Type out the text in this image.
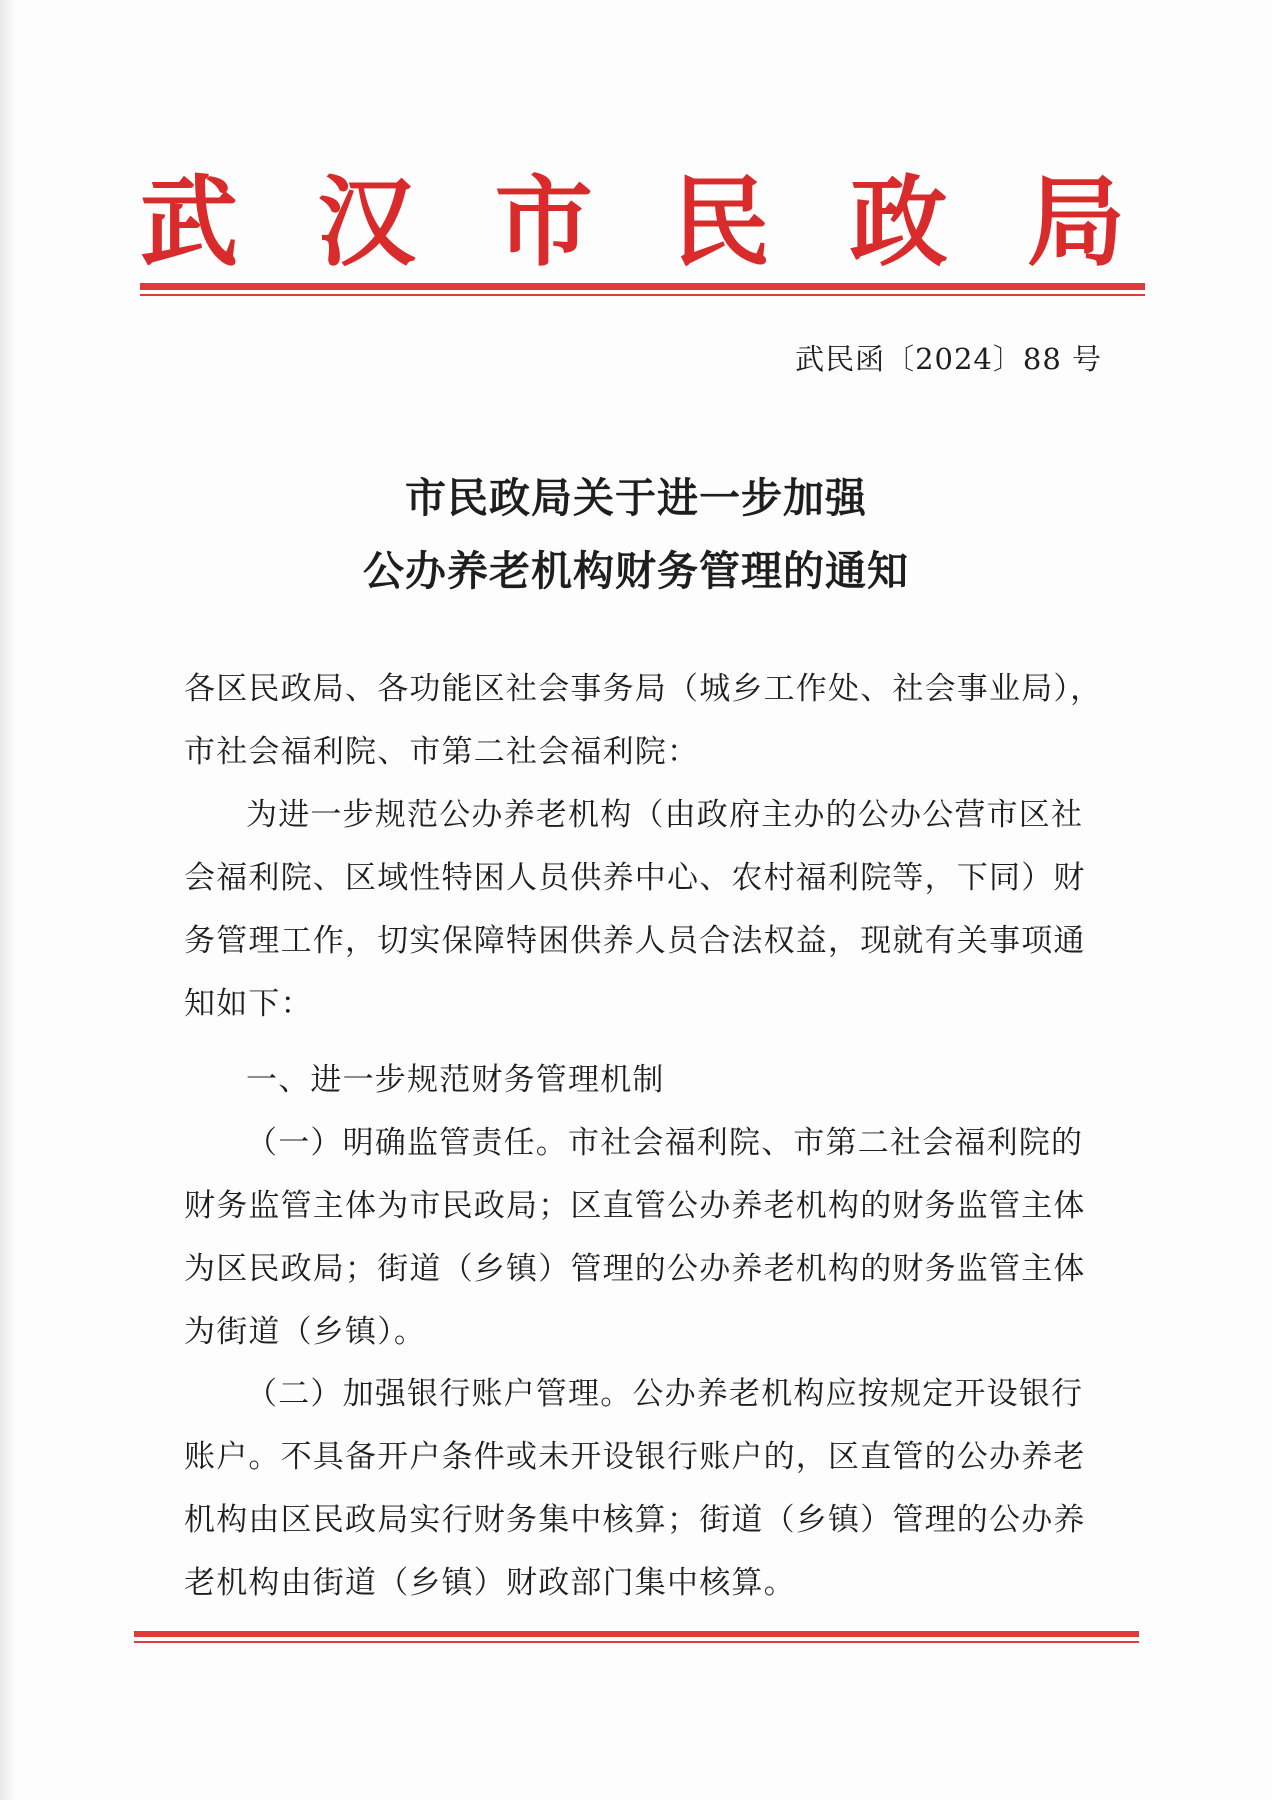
武 汉 市 民 政 局
武民函〔2024〕88 号
市民政局关于进一步加强
公办养老机构财务管理的通知

各区民政局、各功能区社会事务局（城乡工作处、社会事业局），市社会福利院、市第二社会福利院：

为进一步规范公办养老机构（由政府主办的公办公营市区社会福利院、区域性特困人员供养中心、农村福利院等，下同）财务管理工作，切实保障特困供养人员合法权益，现就有关事项通知如下：

一、进一步规范财务管理机制

（一）明确监管责任。市社会福利院、市第二社会福利院的财务监管主体为市民政局；区直管公办养老机构的财务监管主体为区民政局；街道（乡镇）管理的公办养老机构的财务监管主体为街道（乡镇）。

（二）加强银行账户管理。公办养老机构应按规定开设银行账户。不具备开户条件或未开设银行账户的，区直管的公办养老机构由区民政局实行财务集中核算；街道（乡镇）管理的公办养老机构由街道（乡镇）财政部门集中核算。
